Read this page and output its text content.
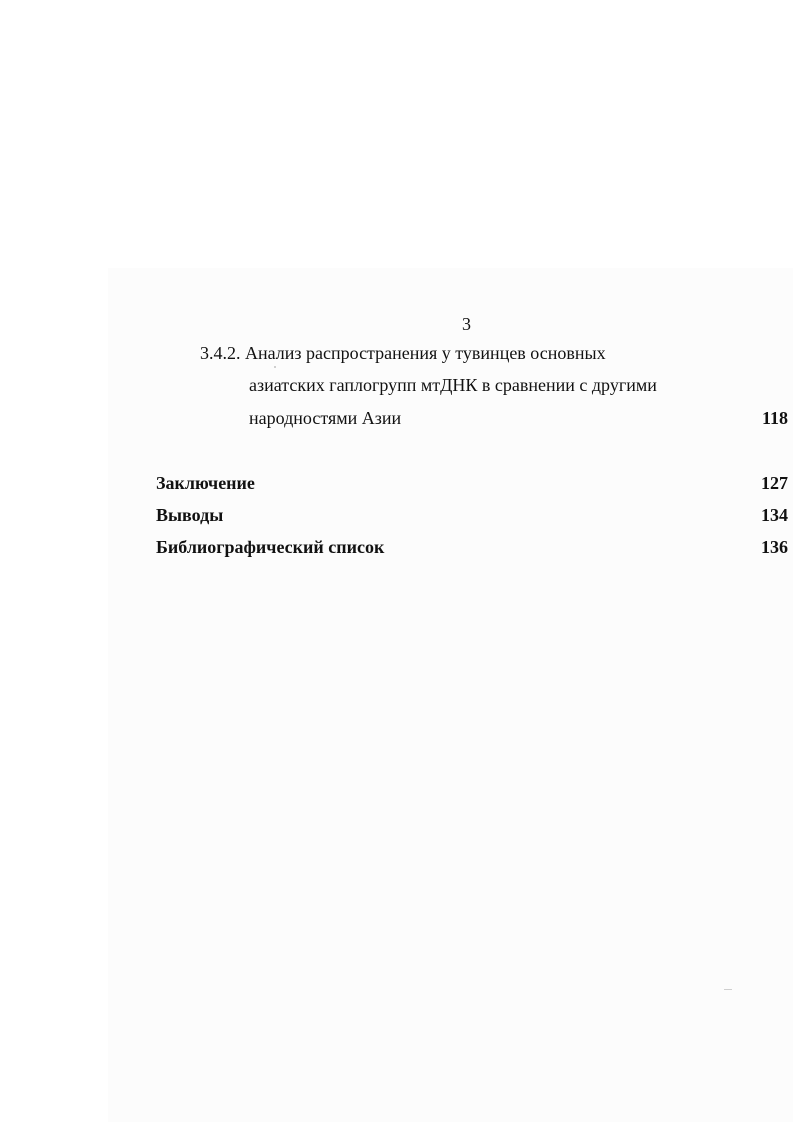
3
3.4.2. Анализ распространения у тувинцев основных
азиатских гаплогрупп мтДНК в сравнении с другими
народностями Азии	118
Заключение	127
Выводы	134
Библиографический список	136
